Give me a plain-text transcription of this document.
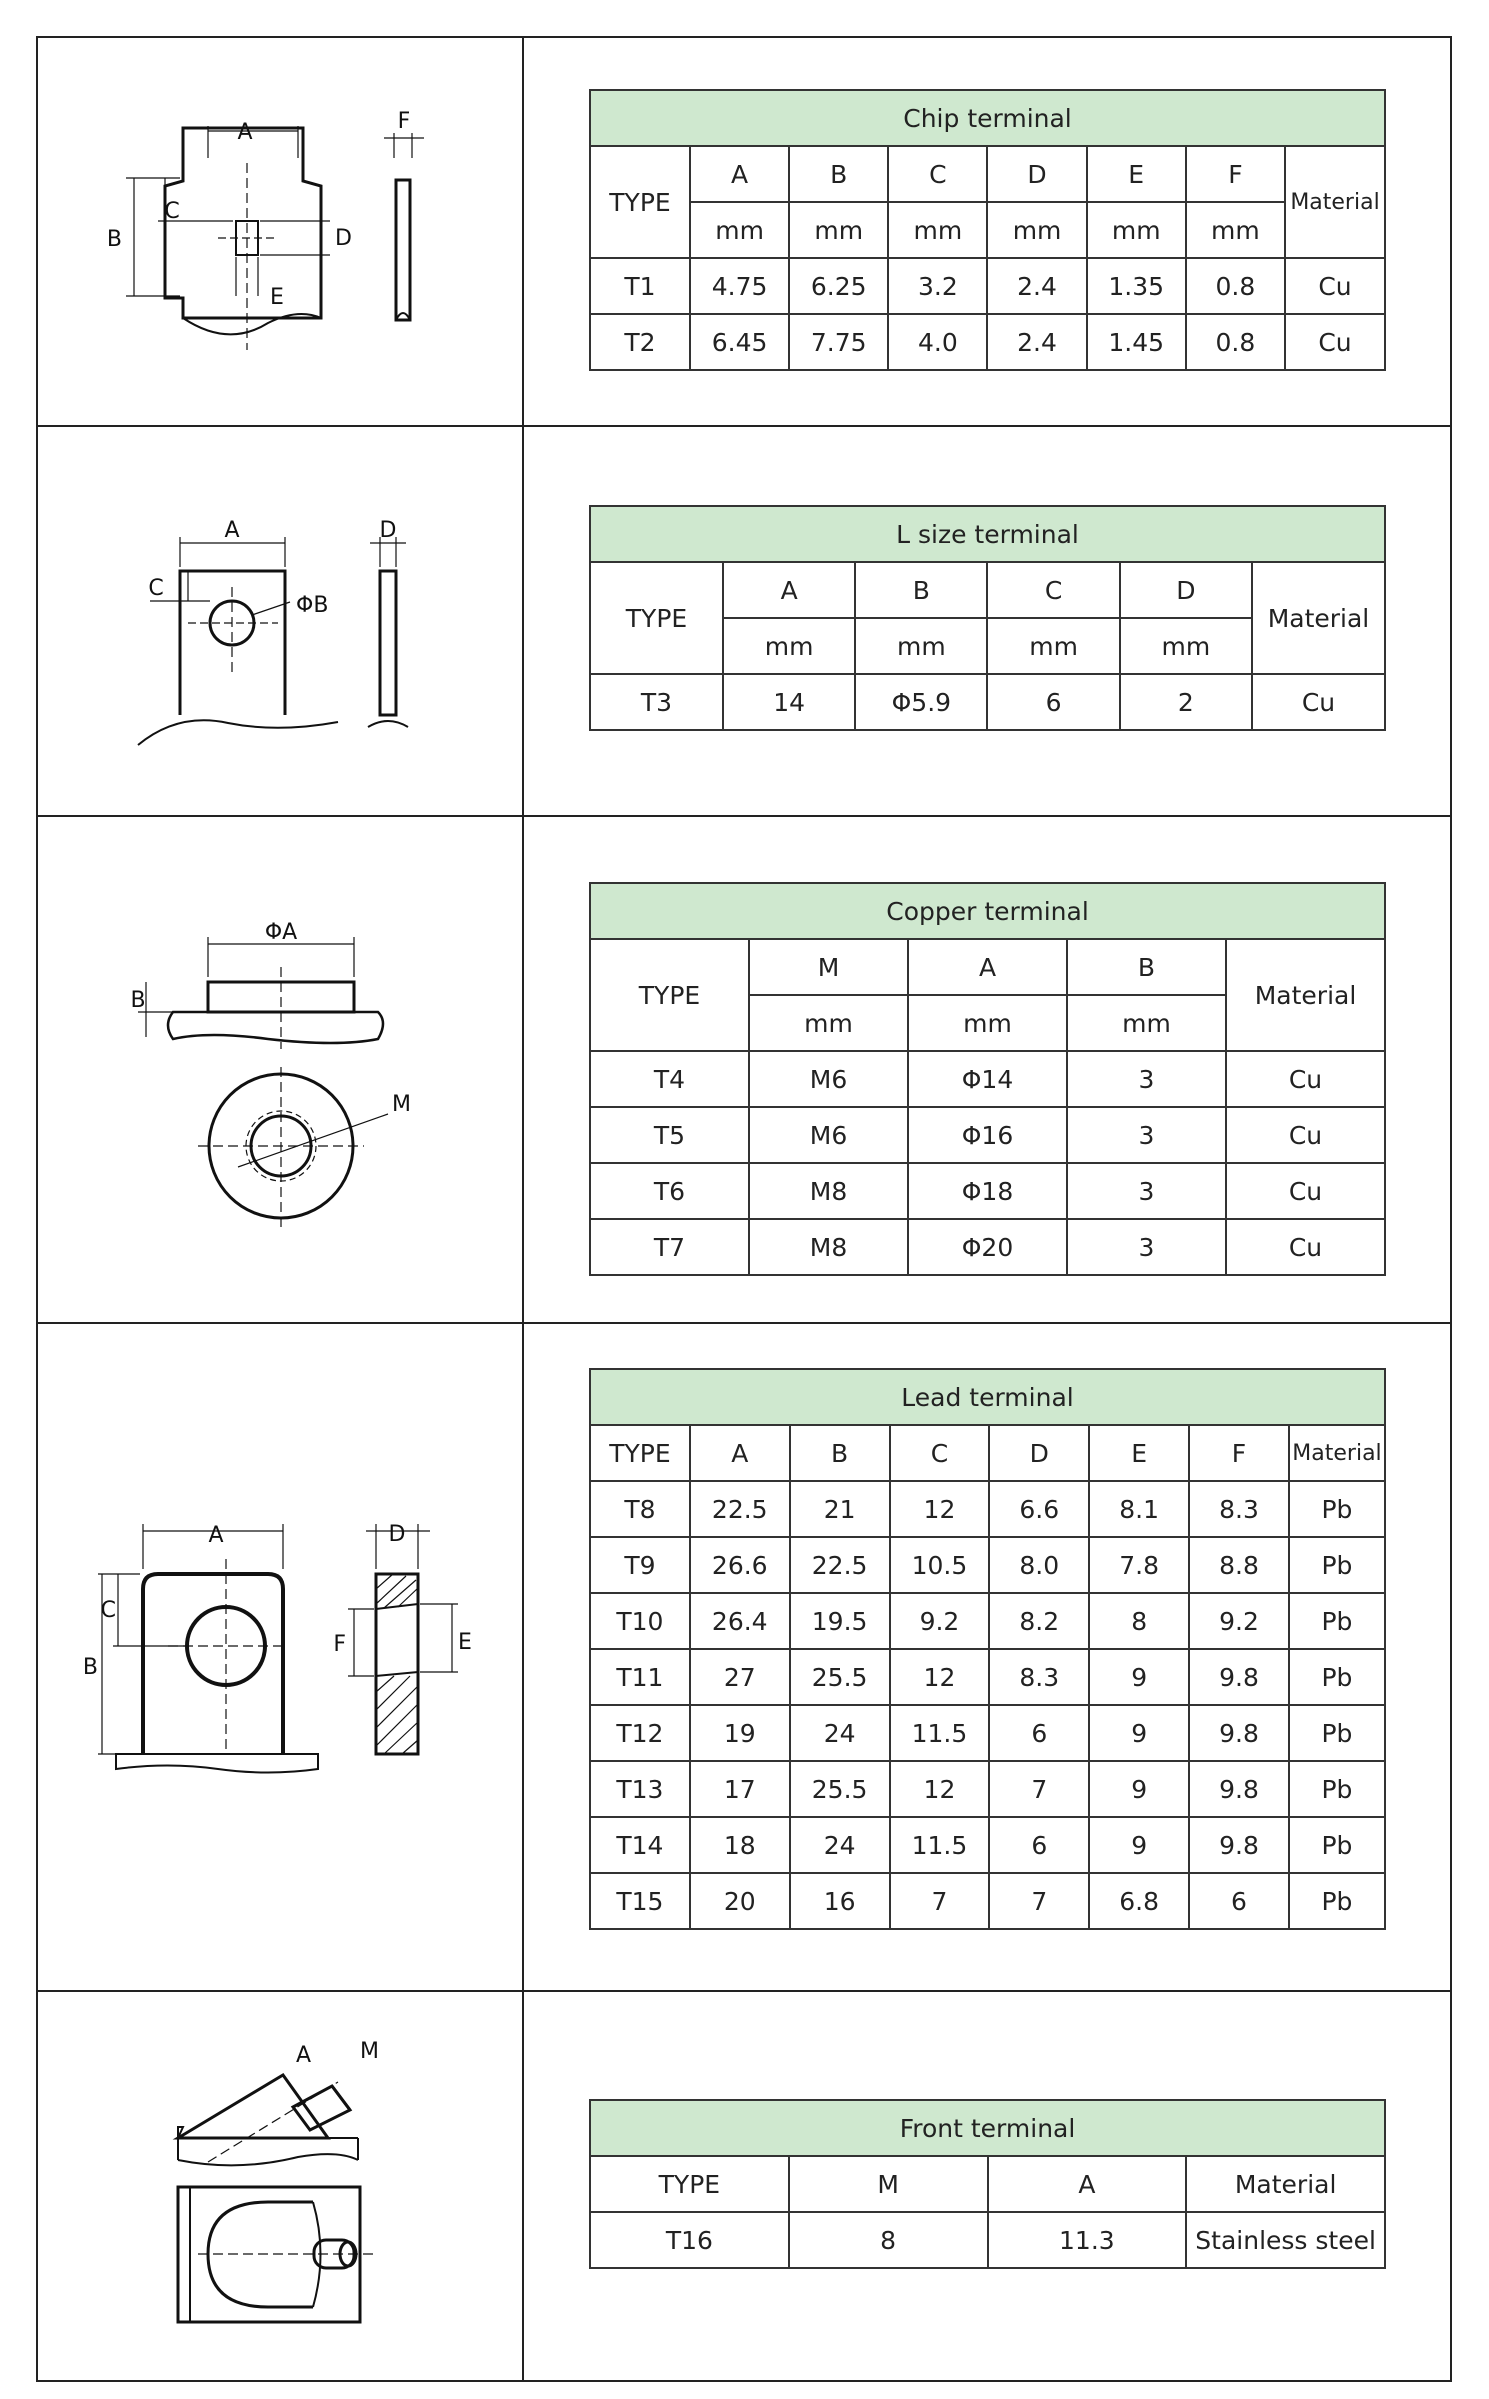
A
B
C
D
E
F	Chip terminal							
TYPE	A	B	C	D	E	F	Material
	mm	mm	mm	mm	mm	mm	
T1	4.75	6.25	3.2	2.4	1.35	0.8	Cu
T2	6.45	7.75	4.0	2.4	1.45	0.8	Cu
ΦB
A
C
D	L size terminal					
TYPE	A	B	C	D	Material
	mm	mm	mm	mm	
T3	14	Φ5.9	6	2	Cu
ΦA
B
M
Copper terminal				
TYPE	M	A	B	Material
	mm	mm	mm	
T4	M6	Φ14	3	Cu
T5	M6	Φ16	3	Cu
T6	M8	Φ18	3	Cu
T7	M8	Φ20	3	Cu
A
C
B
D
F	E
Lead terminal							
TYPE	A	B	C	D	E	F	Material
T8	22.5	21	12	6.6	8.1	8.3	Pb
T9	26.6	22.5	10.5	8.0	7.8	8.8	Pb
T10	26.4	19.5	9.2	8.2	8	9.2	Pb
T11	27	25.5	12	8.3	9	9.8	Pb
T12	19	24	11.5	6	9	9.8	Pb
T13	17	25.5	12	7	9	9.8	Pb
T14	18	24	11.5	6	9	9.8	Pb
T15	20	16	7	7	6.8	6	Pb
A M
Front terminal			
TYPE	M	A	Material
T16	8	11.3	Stainless steel
